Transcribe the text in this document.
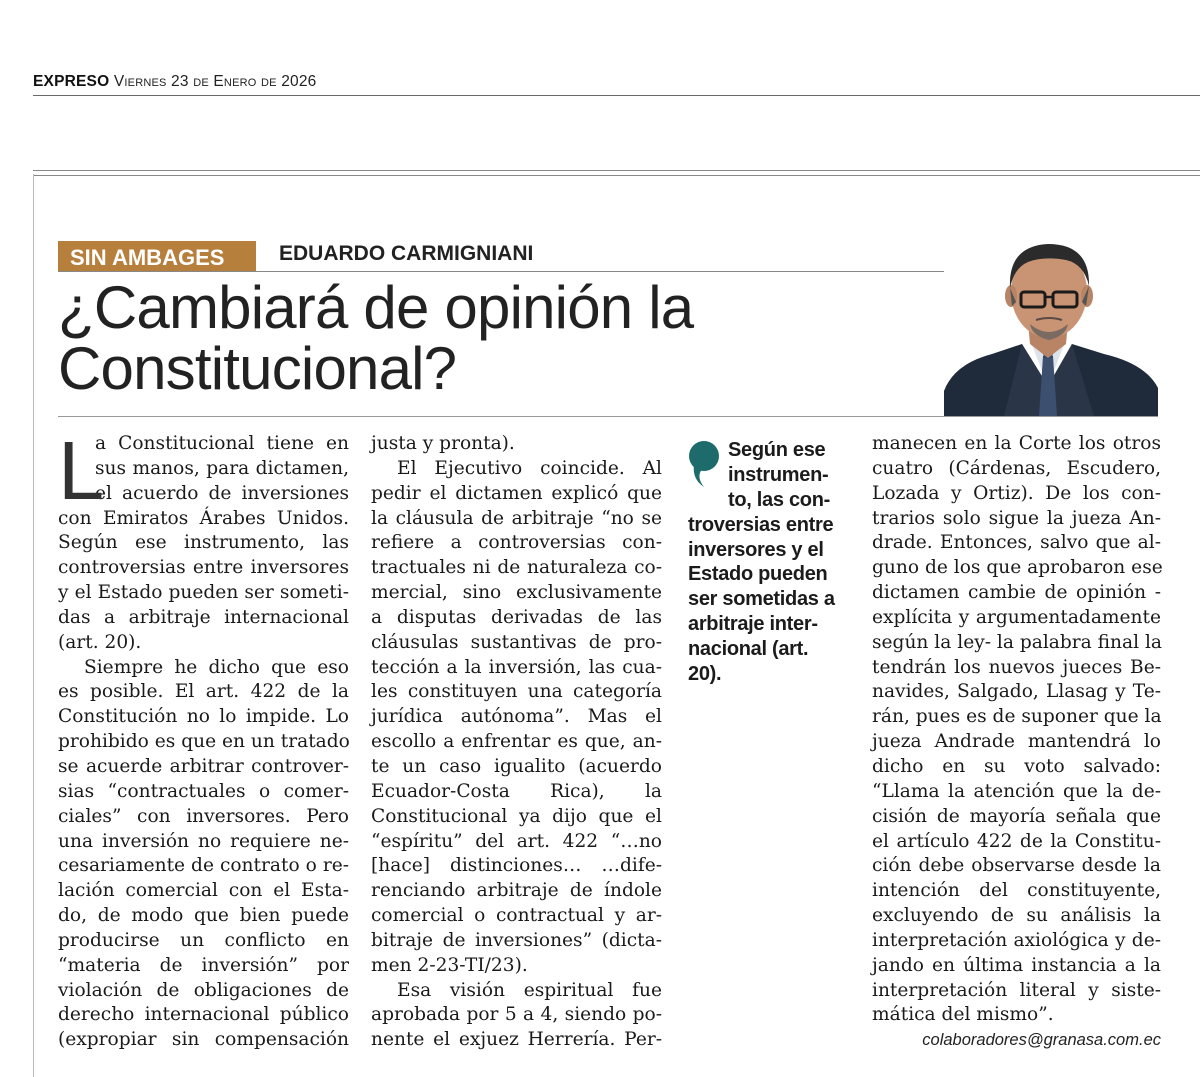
EXPRESO Viernes 23 de Enero de 2026
SIN AMBAGES	EDUARDO CARMIGNIANI
¿Cambiará de opinión la
Constitucional?
L
a Constitucional tiene en
sus manos, para dictamen,
el acuerdo de inversiones
con Emiratos Árabes Unidos.
Según ese instrumento, las
controversias entre inversores
y el Estado pueden ser someti-
das a arbitraje internacional
(art. 20).
Siempre he dicho que eso
es posible. El art. 422 de la
Constitución no lo impide. Lo
prohibido es que en un tratado
se acuerde arbitrar controver-
sias “contractuales o comer-
ciales” con inversores. Pero
una inversión no requiere ne-
cesariamente de contrato o re-
lación comercial con el Esta-
do, de modo que bien puede
producirse un conflicto en
“materia de inversión” por
violación de obligaciones de
derecho internacional público
(expropiar sin compensación
justa y pronta).
El Ejecutivo coincide. Al
pedir el dictamen explicó que
la cláusula de arbitraje “no se
refiere a controversias con-
tractuales ni de naturaleza co-
mercial, sino exclusivamente
a disputas derivadas de las
cláusulas sustantivas de pro-
tección a la inversión, las cua-
les constituyen una categoría
jurídica autónoma”. Mas el
escollo a enfrentar es que, an-
te un caso igualito (acuerdo
Ecuador-Costa Rica), la
Constitucional ya dijo que el
“espíritu” del art. 422 “…no
[hace] distinciones… …dife-
renciando arbitraje de índole
comercial o contractual y ar-
bitraje de inversiones” (dicta-
men 2-23-TI/23).
Esa visión espiritual fue
aprobada por 5 a 4, siendo po-
nente el exjuez Herrería. Per-
Según ese
instrumen-
to, las con-
troversias entre
inversores y el
Estado pueden
ser sometidas a
arbitraje inter-
nacional (art.
20).
manecen en la Corte los otros
cuatro (Cárdenas, Escudero,
Lozada y Ortiz). De los con-
trarios solo sigue la jueza An-
drade. Entonces, salvo que al-
guno de los que aprobaron ese
dictamen cambie de opinión -
explícita y argumentadamente
según la ley- la palabra final la
tendrán los nuevos jueces Be-
navides, Salgado, Llasag y Te-
rán, pues es de suponer que la
jueza Andrade mantendrá lo
dicho en su voto salvado:
“Llama la atención que la de-
cisión de mayoría señala que
el artículo 422 de la Constitu-
ción debe observarse desde la
intención del constituyente,
excluyendo de su análisis la
interpretación axiológica y de-
jando en última instancia a la
interpretación literal y siste-
mática del mismo”.
colaboradores@granasa.com.ec
